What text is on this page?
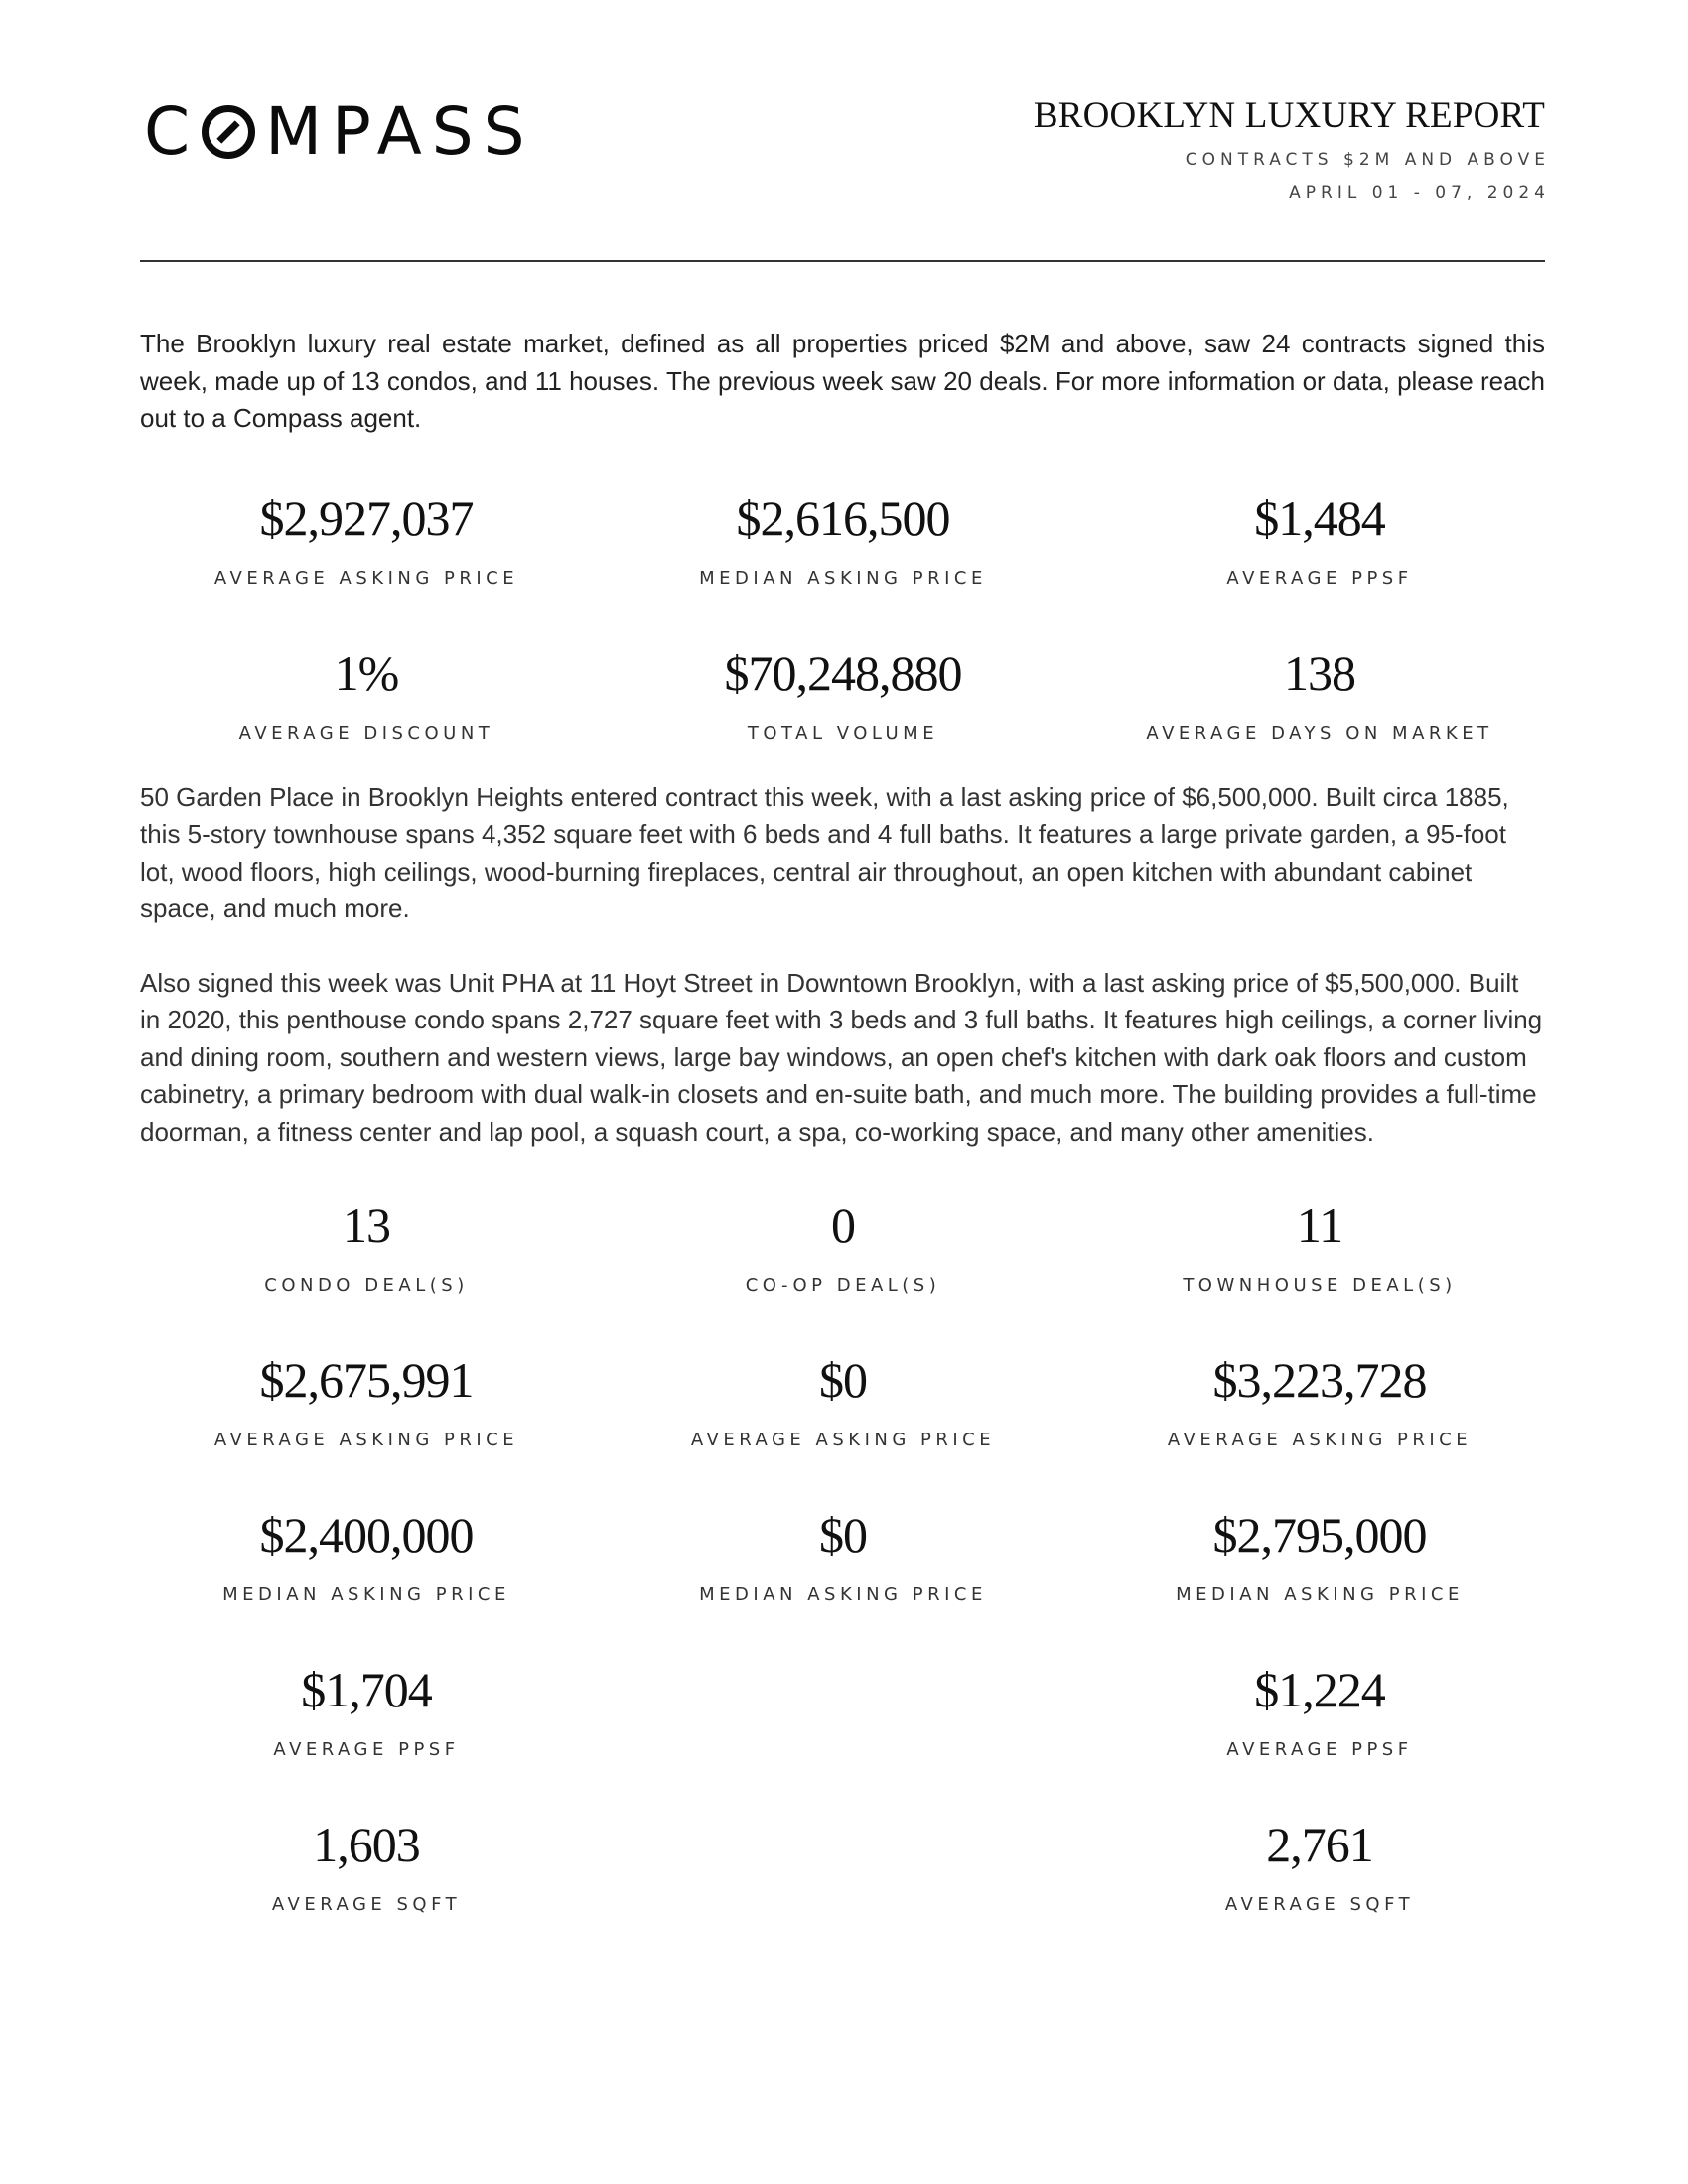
C MPASS	BROOKLYN LUXURY REPORT
CONTRACTS $2M AND ABOVE
APRIL 01 - 07, 2024

The Brooklyn luxury real estate market, defined as all properties priced $2M and above, saw 24 contracts signed this week, made up of 13 condos, and 11 houses. The previous week saw 20 deals. For more information or data, please reach out to a Compass agent.

$2,927,037
AVERAGE ASKING PRICE
$2,616,500
MEDIAN ASKING PRICE
$1,484
AVERAGE PPSF
1%
AVERAGE DISCOUNT
$70,248,880
TOTAL VOLUME
138
AVERAGE DAYS ON MARKET

50 Garden Place in Brooklyn Heights entered contract this week, with a last asking price of $6,500,000. Built circa 1885, this 5-story townhouse spans 4,352 square feet with 6 beds and 4 full baths. It features a large private garden, a 95-foot lot, wood floors, high ceilings, wood-burning fireplaces, central air throughout, an open kitchen with abundant cabinet space, and much more.

Also signed this week was Unit PHA at 11 Hoyt Street in Downtown Brooklyn, with a last asking price of $5,500,000. Built in 2020, this penthouse condo spans 2,727 square feet with 3 beds and 3 full baths. It features high ceilings, a corner living and dining room, southern and western views, large bay windows, an open chef's kitchen with dark oak floors and custom cabinetry, a primary bedroom with dual walk-in closets and en-suite bath, and much more. The building provides a full-time doorman, a fitness center and lap pool, a squash court, a spa, co-working space, and many other amenities.

13
CONDO DEAL(S)
0
CO-OP DEAL(S)
11
TOWNHOUSE DEAL(S)
$2,675,991
AVERAGE ASKING PRICE
$0
AVERAGE ASKING PRICE
$3,223,728
AVERAGE ASKING PRICE
$2,400,000
MEDIAN ASKING PRICE
$0
MEDIAN ASKING PRICE
$2,795,000
MEDIAN ASKING PRICE
$1,704
AVERAGE PPSF
$1,224
AVERAGE PPSF
1,603
AVERAGE SQFT
2,761
AVERAGE SQFT
